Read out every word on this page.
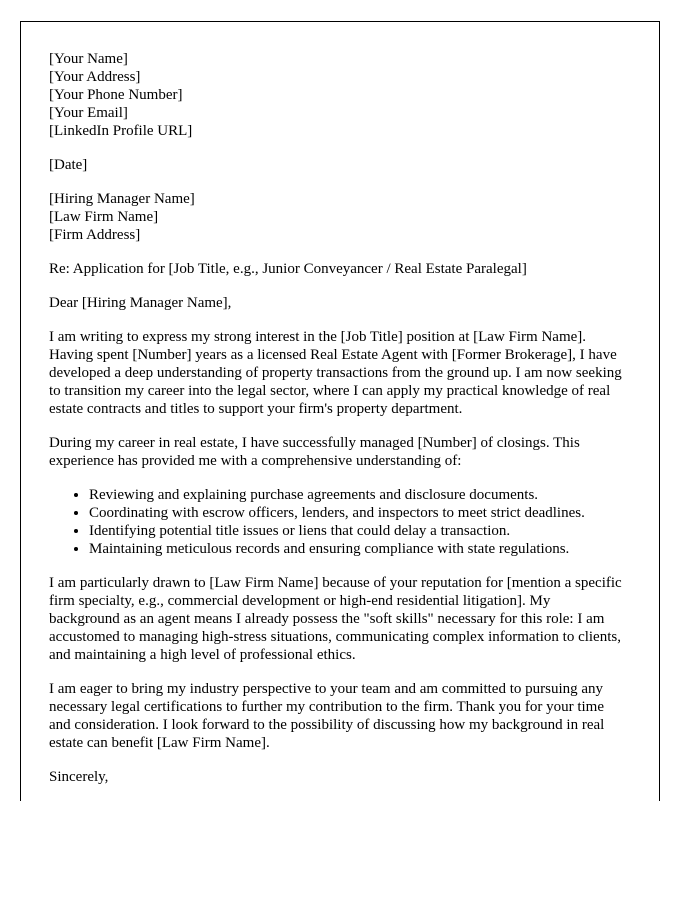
[Your Name]
[Your Address]
[Your Phone Number]
[Your Email]
[LinkedIn Profile URL]
[Date]
[Hiring Manager Name]
[Law Firm Name]
[Firm Address]

Re: Application for [Job Title, e.g., Junior Conveyancer / Real Estate Paralegal]

Dear [Hiring Manager Name],

I am writing to express my strong interest in the [Job Title] position at [Law Firm Name]. Having spent [Number] years as a licensed Real Estate Agent with [Former Brokerage], I have developed a deep understanding of property transactions from the ground up. I am now seeking to transition my career into the legal sector, where I can apply my practical knowledge of real estate contracts and titles to support your firm's property department.

During my career in real estate, I have successfully managed [Number] of closings. This experience has provided me with a comprehensive understanding of:

• Reviewing and explaining purchase agreements and disclosure documents.
• Coordinating with escrow officers, lenders, and inspectors to meet strict deadlines.
• Identifying potential title issues or liens that could delay a transaction.
• Maintaining meticulous records and ensuring compliance with state regulations.

I am particularly drawn to [Law Firm Name] because of your reputation for [mention a specific firm specialty, e.g., commercial development or high-end residential litigation]. My background as an agent means I already possess the "soft skills" necessary for this role: I am accustomed to managing high-stress situations, communicating complex information to clients, and maintaining a high level of professional ethics.

I am eager to bring my industry perspective to your team and am committed to pursuing any necessary legal certifications to further my contribution to the firm. Thank you for your time and consideration. I look forward to the possibility of discussing how my background in real estate can benefit [Law Firm Name].

Sincerely,
